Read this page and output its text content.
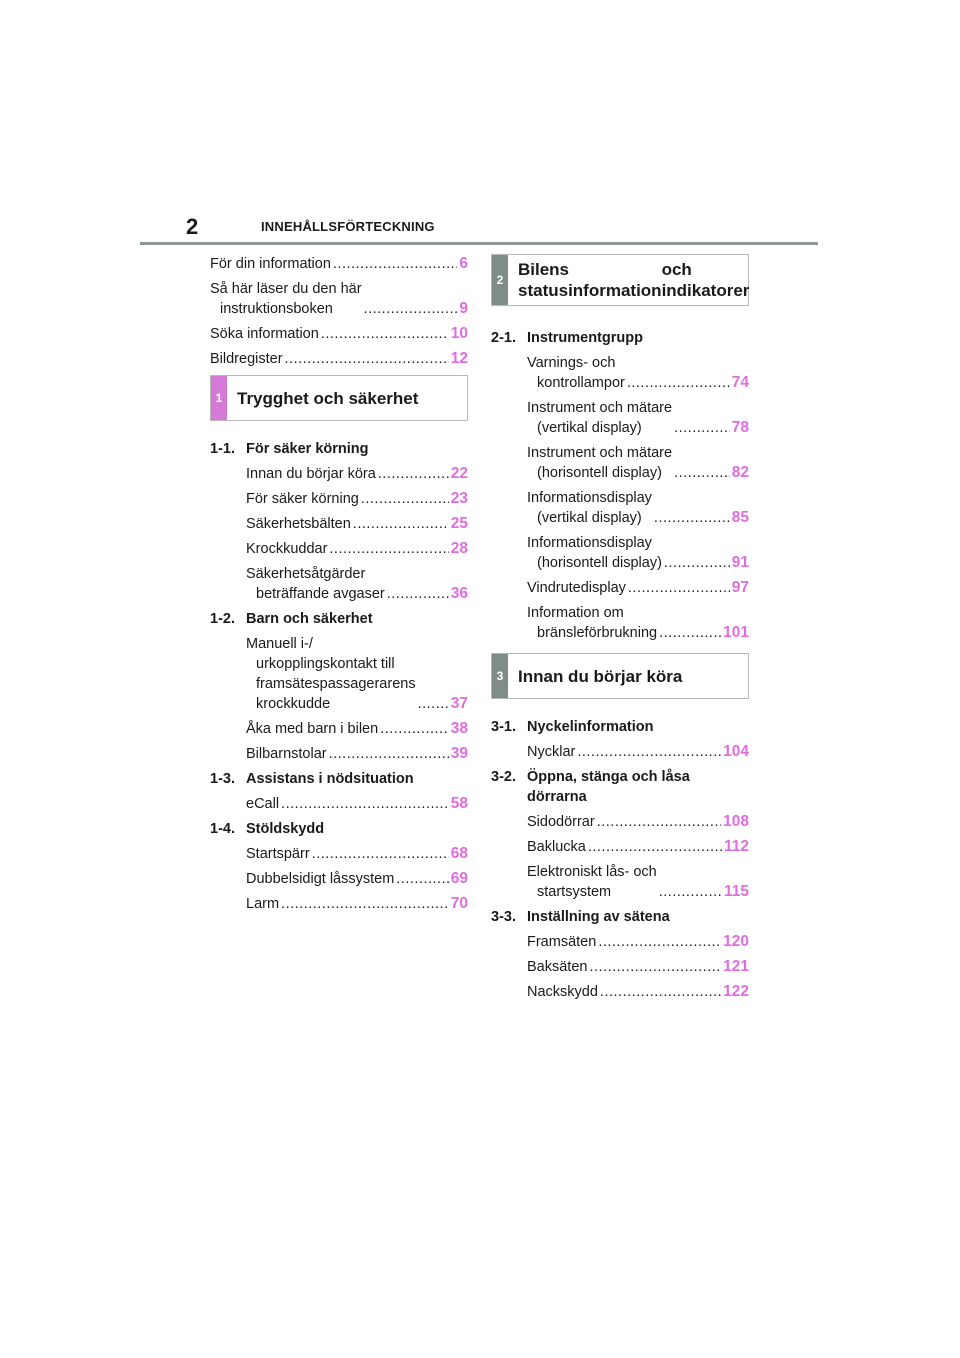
2	INNEHÅLLSFÖRTECKNING
För din information .....	6
Så här läser du den här
instruktionsboken .....	9
Söka information .....	10
Bildregister .....	12
1 Trygghet och säkerhet
1-1. För säker körning
Innan du börjar köra .....	22
För säker körning .....	23
Säkerhetsbälten .....	25
Krockkuddar .....	28
Säkerhetsåtgärder
beträffande avgaser .....	36
1-2. Barn och säkerhet
Manuell i-/
urkopplingskontakt till
framsätespassagerarens
krockkudde .....	37
Åka med barn i bilen .....	38
Bilbarnstolar .....	39
1-3. Assistans i nödsituation
eCall .....	58
1-4. Stöldskydd
Startspärr .....	68
Dubbelsidigt låssystem .....	69
Larm .....	70
2
Bilens statusinformation

och indikatorer
2-1. Instrumentgrupp
Varnings- och
kontrollampor .....	74
Instrument och mätare
(vertikal display) .....	78
Instrument och mätare
(horisontell display) .....	82
Informationsdisplay
(vertikal display) .....	85
Informationsdisplay
(horisontell display) .....	91
Vindrutedisplay .....	97
Information om
bränsleförbrukning .....	101
3 Innan du börjar köra
3-1. Nyckelinformation
Nycklar .....	104
3-2. Öppna, stänga och låsa dörrarna
Sidodörrar .....	108
Baklucka .....	112
Elektroniskt lås- och
startsystem .....	115
3-3. Inställning av sätena
Framsäten .....	120
Baksäten .....	121
Nackskydd .....	122
